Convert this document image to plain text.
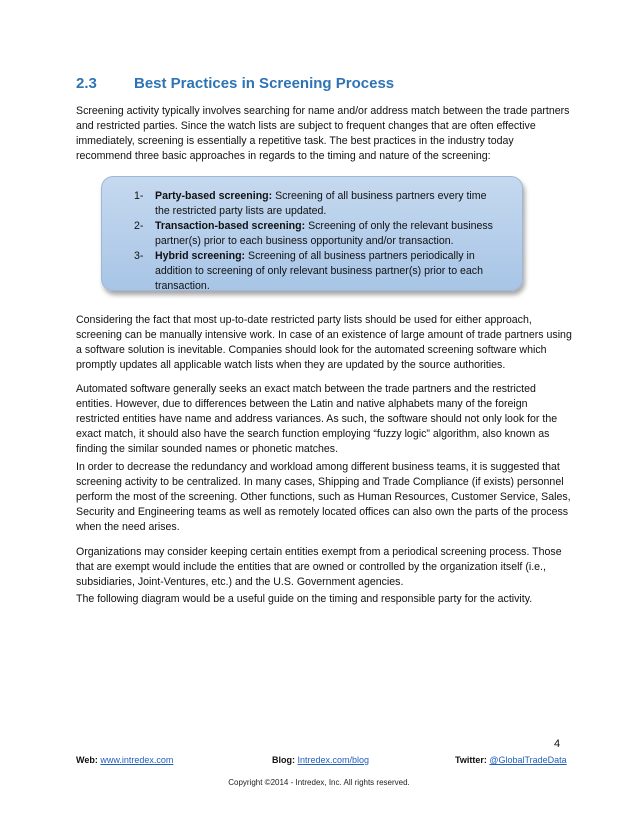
2.3	Best Practices in Screening Process

Screening activity typically involves searching for name and/or address match between the trade partners and restricted parties. Since the watch lists are subject to frequent changes that are often effective immediately, screening is essentially a repetitive task. The best practices in the industry today recommend three basic approaches in regards to the timing and nature of the screening:

1-	Party-based screening: Screening of all business partners every time the restricted party lists are updated.
2-	Transaction-based screening: Screening of only the relevant business partner(s) prior to each business opportunity and/or transaction.
3-	Hybrid screening: Screening of all business partners periodically in addition to screening of only relevant business partner(s) prior to each transaction.

Considering the fact that most up-to-date restricted party lists should be used for either approach, screening can be manually intensive work. In case of an existence of large amount of trade partners using a software solution is inevitable. Companies should look for the automated screening software which promptly updates all applicable watch lists when they are updated by the source authorities.

Automated software generally seeks an exact match between the trade partners and the restricted entities. However, due to differences between the Latin and native alphabets many of the foreign restricted entities have name and address variances. As such, the software should not only look for the exact match, it should also have the search function employing “fuzzy logic” algorithm, also known as finding the similar sounded names or phonetic matches.

In order to decrease the redundancy and workload among different business teams, it is suggested that screening activity to be centralized. In many cases, Shipping and Trade Compliance (if exists) personnel perform the most of the screening. Other functions, such as Human Resources, Customer Service, Sales, Security and Engineering teams as well as remotely located offices can also own the parts of the process when the need arises.

Organizations may consider keeping certain entities exempt from a periodical screening process. Those that are exempt would include the entities that are owned or controlled by the organization itself (i.e., subsidiaries, Joint-Ventures, etc.) and the U.S. Government agencies.

The following diagram would be a useful guide on the timing and responsible party for the activity.

4
Web: www.intredex.com	Blog: Intredex.com/blog	Twitter: @GlobalTradeData
Copyright ©2014 - Intredex, Inc. All rights reserved.
